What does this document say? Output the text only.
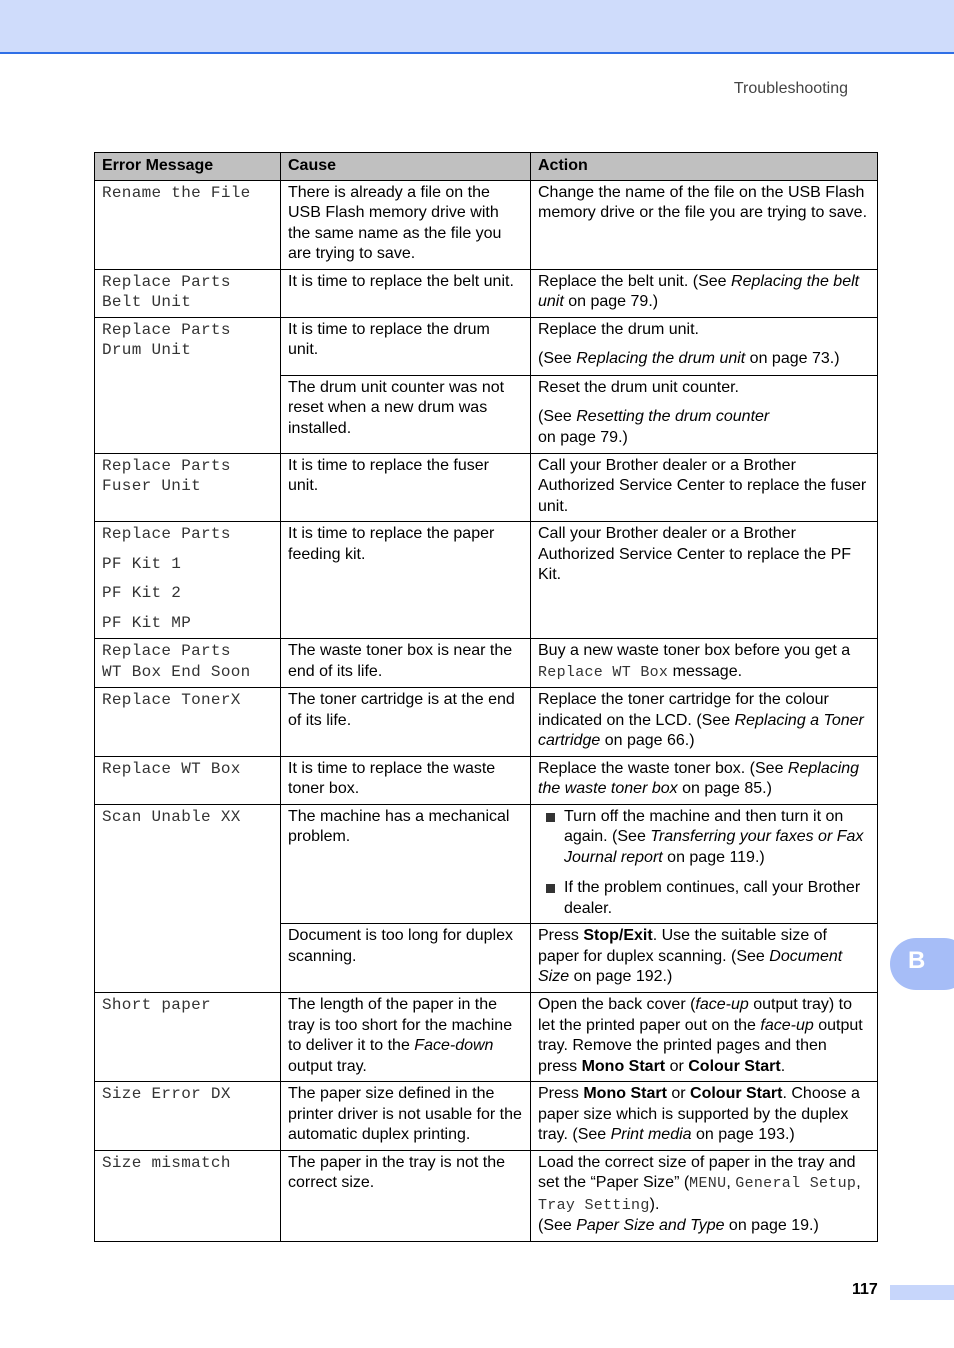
Troubleshooting
Error Message	Cause	Action
Rename the File	There is already a file on the USB Flash memory drive with the same name as the file you are trying to save.	Change the name of the file on the USB Flash memory drive or the file you are trying to save.

Replace Parts
Belt Unit	It is time to replace the belt unit.	Replace the belt unit. (See Replacing the belt unit on page 79.)

Replace Parts
Drum Unit	It is time to replace the drum unit.	Replace the drum unit.
(See Replacing the drum unit on page 73.)

	The drum unit counter was not reset when a new drum was installed.	Reset the drum unit counter.
(See Resetting the drum counter
on page 79.)

Replace Parts
Fuser Unit	It is time to replace the fuser unit.	Call your Brother dealer or a Brother Authorized Service Center to replace the fuser unit.

Replace Parts
PF Kit 1
PF Kit 2
PF Kit MP	It is time to replace the paper feeding kit.	Call your Brother dealer or a Brother Authorized Service Center to replace the PF Kit.

Replace Parts
WT Box End Soon	The waste toner box is near the end of its life.	Buy a new waste toner box before you get a Replace WT Box message.
Replace TonerX	The toner cartridge is at the end of its life.	Replace the toner cartridge for the colour indicated on the LCD. (See Replacing a Toner cartridge on page 66.)
Replace WT Box	It is time to replace the waste toner box.	Replace the waste toner box. (See Replacing the waste toner box on page 85.)
Scan Unable XX	The machine has a mechanical problem.	Turn off the machine and then turn it on again. (See Transferring your faxes or Fax Journal report on page 119.)
If the problem continues, call your Brother dealer.

	Document is too long for duplex scanning.	Press Stop/Exit. Use the suitable size of paper for duplex scanning. (See Document Size on page 192.)
Short paper	The length of the paper in the tray is too short for the machine to deliver it to the Face-down output tray.	Open the back cover (face-up output tray) to let the printed paper out on the face-up output tray. Remove the printed pages and then press Mono Start or Colour Start.
Size Error DX	The paper size defined in the printer driver is not usable for the automatic duplex printing.	Press Mono Start or Colour Start. Choose a paper size which is supported by the duplex tray. (See Print media on page 193.)
Size mismatch	The paper in the tray is not the correct size.	Load the correct size of paper in the tray and set the “Paper Size” (MENU, General Setup, Tray Setting).
(See Paper Size and Type on page 19.)
B
117
